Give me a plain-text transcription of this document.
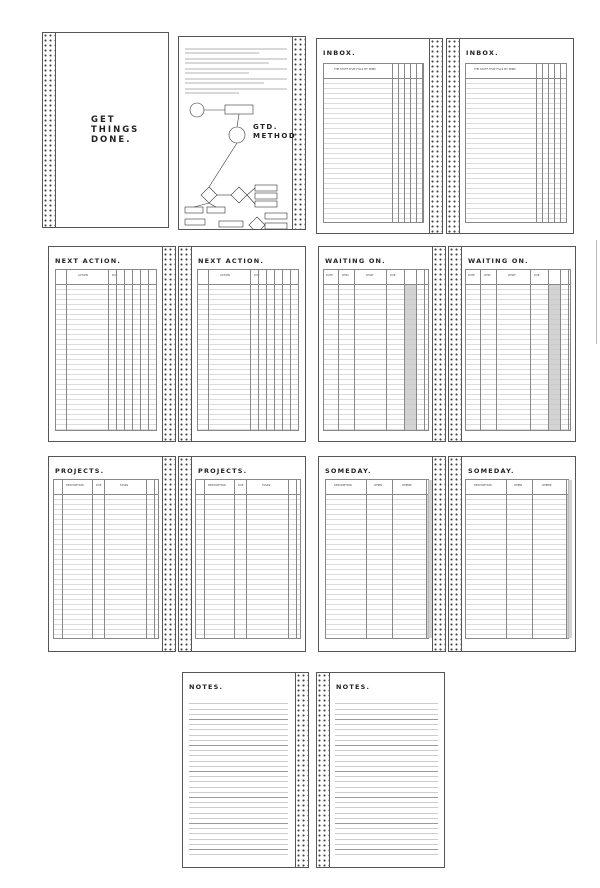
GET
THINGS
DONE.
GTD.
METHOD
INBOX.
THE STUFF THAT FILLS MY MIND
INBOX.
THE STUFF THAT FILLS MY MIND
NEXT ACTION.
ACTION	DUE
NEXT ACTION.
ACTION	DUE
WAITING ON.
DATE	WHO	WHAT	DUE
WAITING ON.
DATE	WHO	WHAT	DUE
PROJECTS.
DESCRIPTION	DUE	TASKS
PROJECTS.
DESCRIPTION	DUE	TASKS
SOMEDAY.
DESCRIPTION	WHEN	WHERE
SOMEDAY.
DESCRIPTION	WHEN	WHERE
NOTES.	NOTES.
